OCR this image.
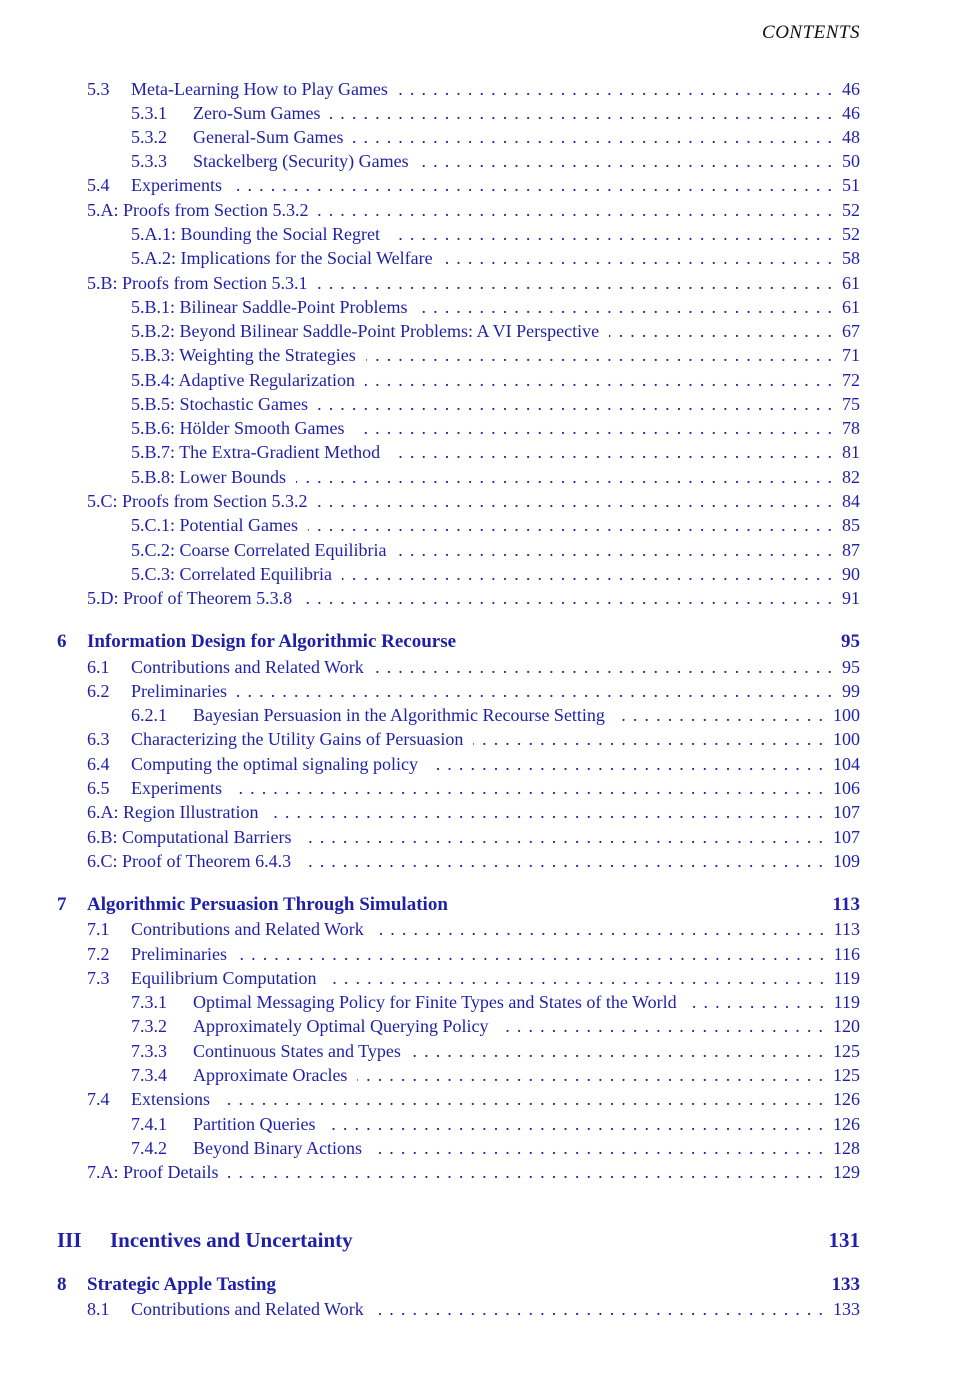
CONTENTS
5.3 Meta-Learning How to Play Games	46
. . .
5.3.1 Zero-Sum Games	46
. . .
5.3.2 General-Sum Games	48
. . .
5.3.3 Stackelberg (Security) Games	50
. . .
5.4 Experiments	51
. . .
5.A: Proofs from Section 5.3.2	52
. . .
5.A.1: Bounding the Social Regret	52
. . .
5.A.2: Implications for the Social Welfare	58
. . .
5.B: Proofs from Section 5.3.1	61
. . .
5.B.1: Bilinear Saddle-Point Problems	61
. . .
5.B.2: Beyond Bilinear Saddle-Point Problems: A VI Perspective	67
. . .
5.B.3: Weighting the Strategies	71
. . .
5.B.4: Adaptive Regularization	72
. . .
5.B.5: Stochastic Games	75
. . .
5.B.6: Hölder Smooth Games	78
. . .
5.B.7: The Extra-Gradient Method	81
. . .
5.B.8: Lower Bounds	82
. . .
5.C: Proofs from Section 5.3.2	84
. . .
5.C.1: Potential Games	85
. . .
5.C.2: Coarse Correlated Equilibria	87
. . .
5.C.3: Correlated Equilibria	90
. . .
5.D: Proof of Theorem 5.3.8	91
. . .
6 Information Design for Algorithmic Recourse	95
6.1 Contributions and Related Work	95
. . .
6.2 Preliminaries	99
. . .
6.2.1 Bayesian Persuasion in the Algorithmic Recourse Setting	100
. . .
6.3 Characterizing the Utility Gains of Persuasion	100
. . .
6.4 Computing the optimal signaling policy	104
. . .
6.5 Experiments	106
. . .
6.A: Region Illustration	107
. . .
6.B: Computational Barriers	107
. . .
6.C: Proof of Theorem 6.4.3	109
. . .
7 Algorithmic Persuasion Through Simulation	113
7.1 Contributions and Related Work	113
. . .
7.2 Preliminaries	116
. . .
7.3 Equilibrium Computation	119
. . .
7.3.1 Optimal Messaging Policy for Finite Types and States of the World	119
. . .
7.3.2 Approximately Optimal Querying Policy	120
. . .
7.3.3 Continuous States and Types	125
. . .
7.3.4 Approximate Oracles	125
. . .
7.4 Extensions	126
. . .
7.4.1 Partition Queries	126
. . .
7.4.2 Beyond Binary Actions	128
. . .
7.A: Proof Details	129
. . .
III Incentives and Uncertainty	131
8 Strategic Apple Tasting	133
8.1 Contributions and Related Work	133
. . .
